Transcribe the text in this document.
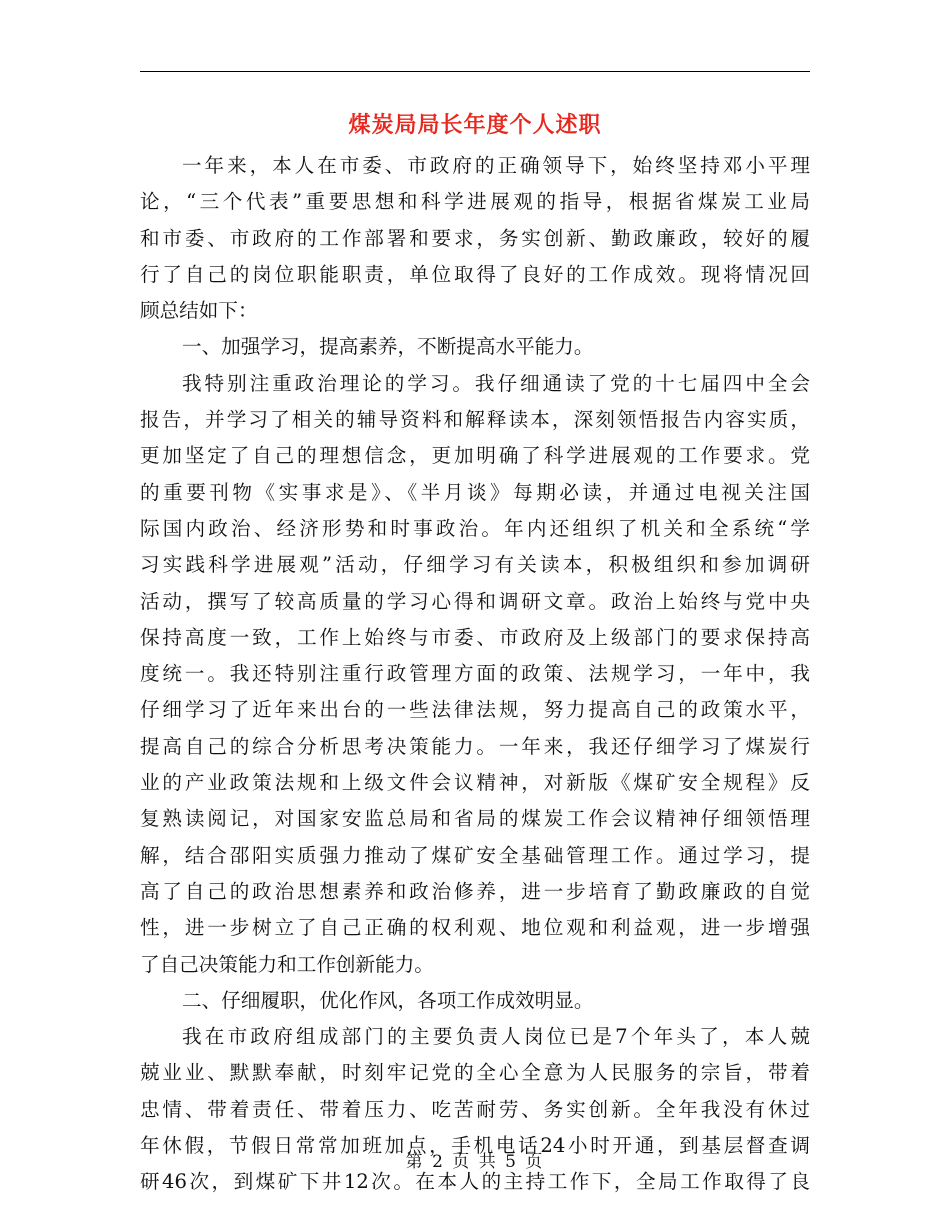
煤炭局局长年度个人述职
一年来，本人在市委、市政府的正确领导下，始终坚持邓小平理
论，“三个代表”重要思想和科学进展观的指导，根据省煤炭工业局
和市委、市政府的工作部署和要求，务实创新、勤政廉政，较好的履
行了自己的岗位职能职责，单位取得了良好的工作成效。现将情况回
顾总结如下：
一、加强学习，提高素养，不断提高水平能力。
我特别注重政治理论的学习。我仔细通读了党的十七届四中全会
报告，并学习了相关的辅导资料和解释读本，深刻领悟报告内容实质，
更加坚定了自己的理想信念，更加明确了科学进展观的工作要求。党
的重要刊物《实事求是》、《半月谈》每期必读，并通过电视关注国
际国内政治、经济形势和时事政治。年内还组织了机关和全系统“学
习实践科学进展观”活动，仔细学习有关读本，积极组织和参加调研
活动，撰写了较高质量的学习心得和调研文章。政治上始终与党中央
保持高度一致，工作上始终与市委、市政府及上级部门的要求保持高
度统一。我还特别注重行政管理方面的政策、法规学习，一年中，我
仔细学习了近年来出台的一些法律法规，努力提高自己的政策水平，
提高自己的综合分析思考决策能力。一年来，我还仔细学习了煤炭行
业的产业政策法规和上级文件会议精神，对新版《煤矿安全规程》反
复熟读阅记，对国家安监总局和省局的煤炭工作会议精神仔细领悟理
解，结合邵阳实质强力推动了煤矿安全基础管理工作。通过学习，提
高了自己的政治思想素养和政治修养，进一步培育了勤政廉政的自觉
性，进一步树立了自己正确的权利观、地位观和利益观，进一步增强
了自己决策能力和工作创新能力。
二、仔细履职，优化作风，各项工作成效明显。
我在市政府组成部门的主要负责人岗位已是7个年头了，本人兢
兢业业、默默奉献，时刻牢记党的全心全意为人民服务的宗旨，带着
忠情、带着责任、带着压力、吃苦耐劳、务实创新。全年我没有休过
年休假，节假日常常加班加点，手机电话24小时开通，到基层督查调
研46次，到煤矿下井12次。在本人的主持工作下，全局工作取得了良
第 2 页 共 5 页
